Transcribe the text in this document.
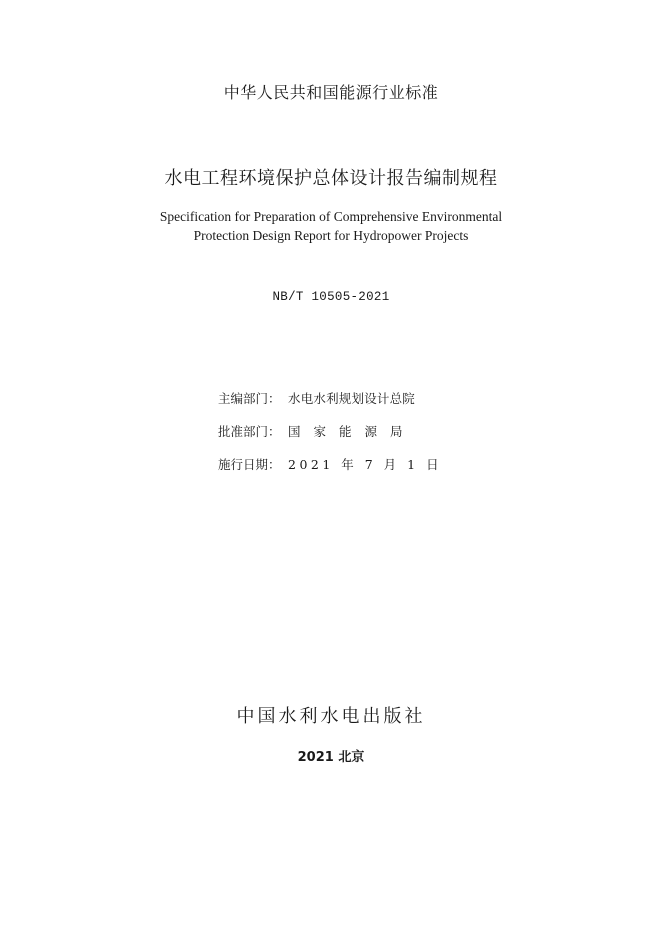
中华人民共和国能源行业标准
水电工程环境保护总体设计报告编制规程
Specification for Preparation of Comprehensive Environmental
Protection Design Report for Hydropower Projects
NB/T 10505-2021
主编部门： 水电水利规划设计总院
批准部门： 国家能源局
施行日期： 2021 年 7 月 1 日
中国水利水电出版社
2021 北京
